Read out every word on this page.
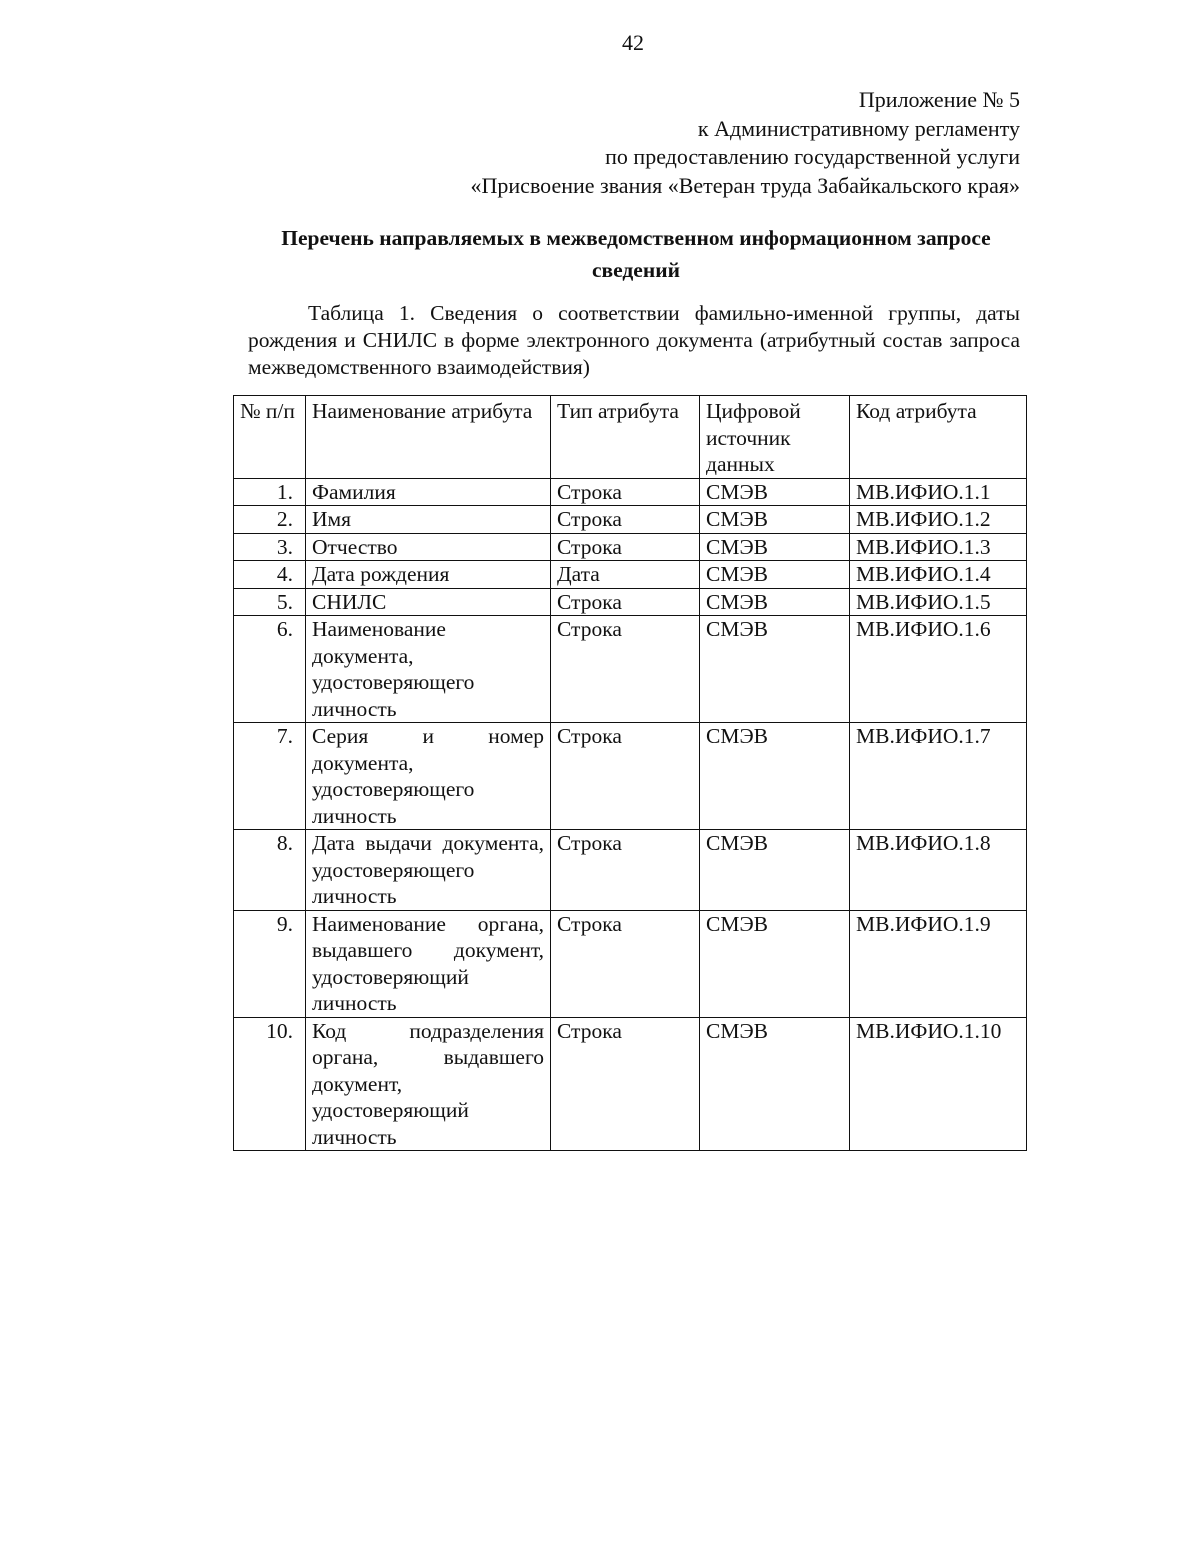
42
Приложение № 5
к Административному регламенту
по предоставлению государственной услуги
«Присвоение звания «Ветеран труда Забайкальского края»
Перечень направляемых в межведомственном информационном запросе
сведений
Таблица 1. Сведения о соответствии фамильно-именной группы, даты рождения и СНИЛС в форме электронного документа (атрибутный состав запроса межведомственного взаимодействия)
№ п/п	Наименование атрибута	Тип атрибута	Цифровой источник данных	Код атрибута
1.	Фамилия	Строка	СМЭВ	МВ.ИФИО.1.1
2.	Имя	Строка	СМЭВ	МВ.ИФИО.1.2
3.	Отчество	Строка	СМЭВ	МВ.ИФИО.1.3
4.	Дата рождения	Дата	СМЭВ	МВ.ИФИО.1.4
5.	СНИЛС	Строка	СМЭВ	МВ.ИФИО.1.5
6.	Наименование документа, удостоверяющего личность	Строка	СМЭВ	МВ.ИФИО.1.6
7.	Серия и номер документа, удостоверяющего личность	Строка	СМЭВ	МВ.ИФИО.1.7
8.	Дата выдачи документа, удостоверяющего личность	Строка	СМЭВ	МВ.ИФИО.1.8
9.	Наименование органа, выдавшего документ, удостоверяющий личность	Строка	СМЭВ	МВ.ИФИО.1.9
10.	Код подразделения органа, выдавшего документ, удостоверяющий личность	Строка	СМЭВ	МВ.ИФИО.1.10
